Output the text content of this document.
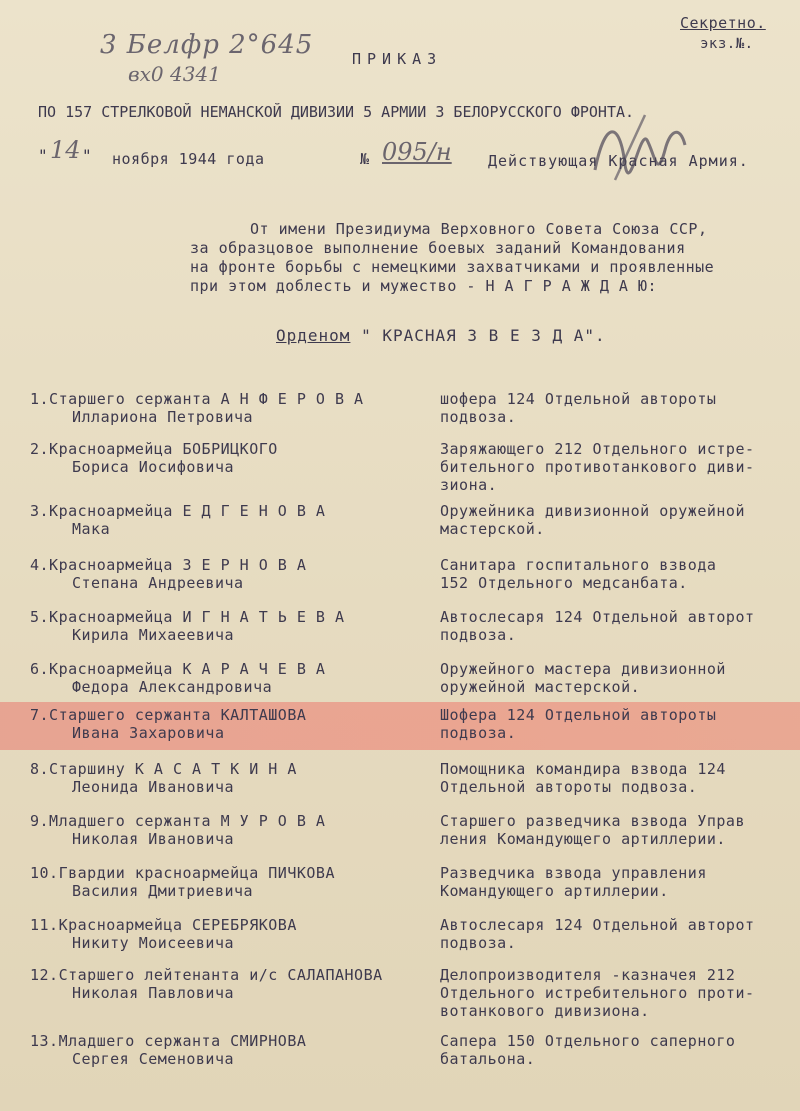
Секретно.
экз.№.
3 Белфр 2°645
вх0 4341
ПРИКАЗ
ПО 157 СТРЕЛКОВОЙ НЕМАНСКОЙ ДИВИЗИИ 5 АРМИИ 3 БЕЛОРУССКОГО ФРОНТА.
" 14 " ноября 1944 года	№ 095/н Действующая Красная Армия.
От имени Президиума Верховного Совета Союза ССР,
за образцовое выполнение боевых заданий Командования
на фронте борьбы с немецкими захватчиками и проявленные
при этом доблесть и мужество - Н А Г Р А Ж Д А Ю:
Орденом " КРАСНАЯ З В Е З Д А".
1.Старшего сержанта А Н Ф Е Р О В А
Иллариона Петровича
шофера 124 Отдельной автороты
подвоза.
2.Красноармейца БОБРИЦКОГО
Бориса Иосифовича
Заряжающего 212 Отдельного истре-
бительного противотанкового диви-
зиона.
3.Красноармейца Е Д Г Е Н О В А
Мака
Оружейника дивизионной оружейной
мастерской.
4.Красноармейца З Е Р Н О В А
Степана Андреевича
Санитара госпитального взвода
152 Отдельного медсанбата.
5.Красноармейца И Г Н А Т Ь Е В А
Кирила Михаеевича
Автослесаря 124 Отдельной авторот
подвоза.
6.Красноармейца К А Р А Ч Е В А
Федора Александровича
Оружейного мастера дивизионной
оружейной мастерской.
7.Старшего сержанта КАЛТАШОВА
Ивана Захаровича
Шофера 124 Отдельной автороты
подвоза.
8.Старшину К А С А Т К И Н А
Леонида Ивановича
Помощника командира взвода 124
Отдельной автороты подвоза.
9.Младшего сержанта М У Р О В А
Николая Ивановича
Старшего разведчика взвода Управ
ления Командующего артиллерии.
10.Гвардии красноармейца ПИЧКОВА
Василия Дмитриевича
Разведчика взвода управления
Командующего артиллерии.
11.Красноармейца СЕРЕБРЯКОВА
Никиту Моисеевича
Автослесаря 124 Отдельной авторот
подвоза.
12.Старшего лейтенанта и/с САЛАПАНОВА
Николая Павловича
Делопроизводителя -казначея 212
Отдельного истребительного проти-
вотанкового дивизиона.
13.Младшего сержанта СМИРНОВА
Сергея Семеновича
Сапера 150 Отдельного саперного
батальона.
